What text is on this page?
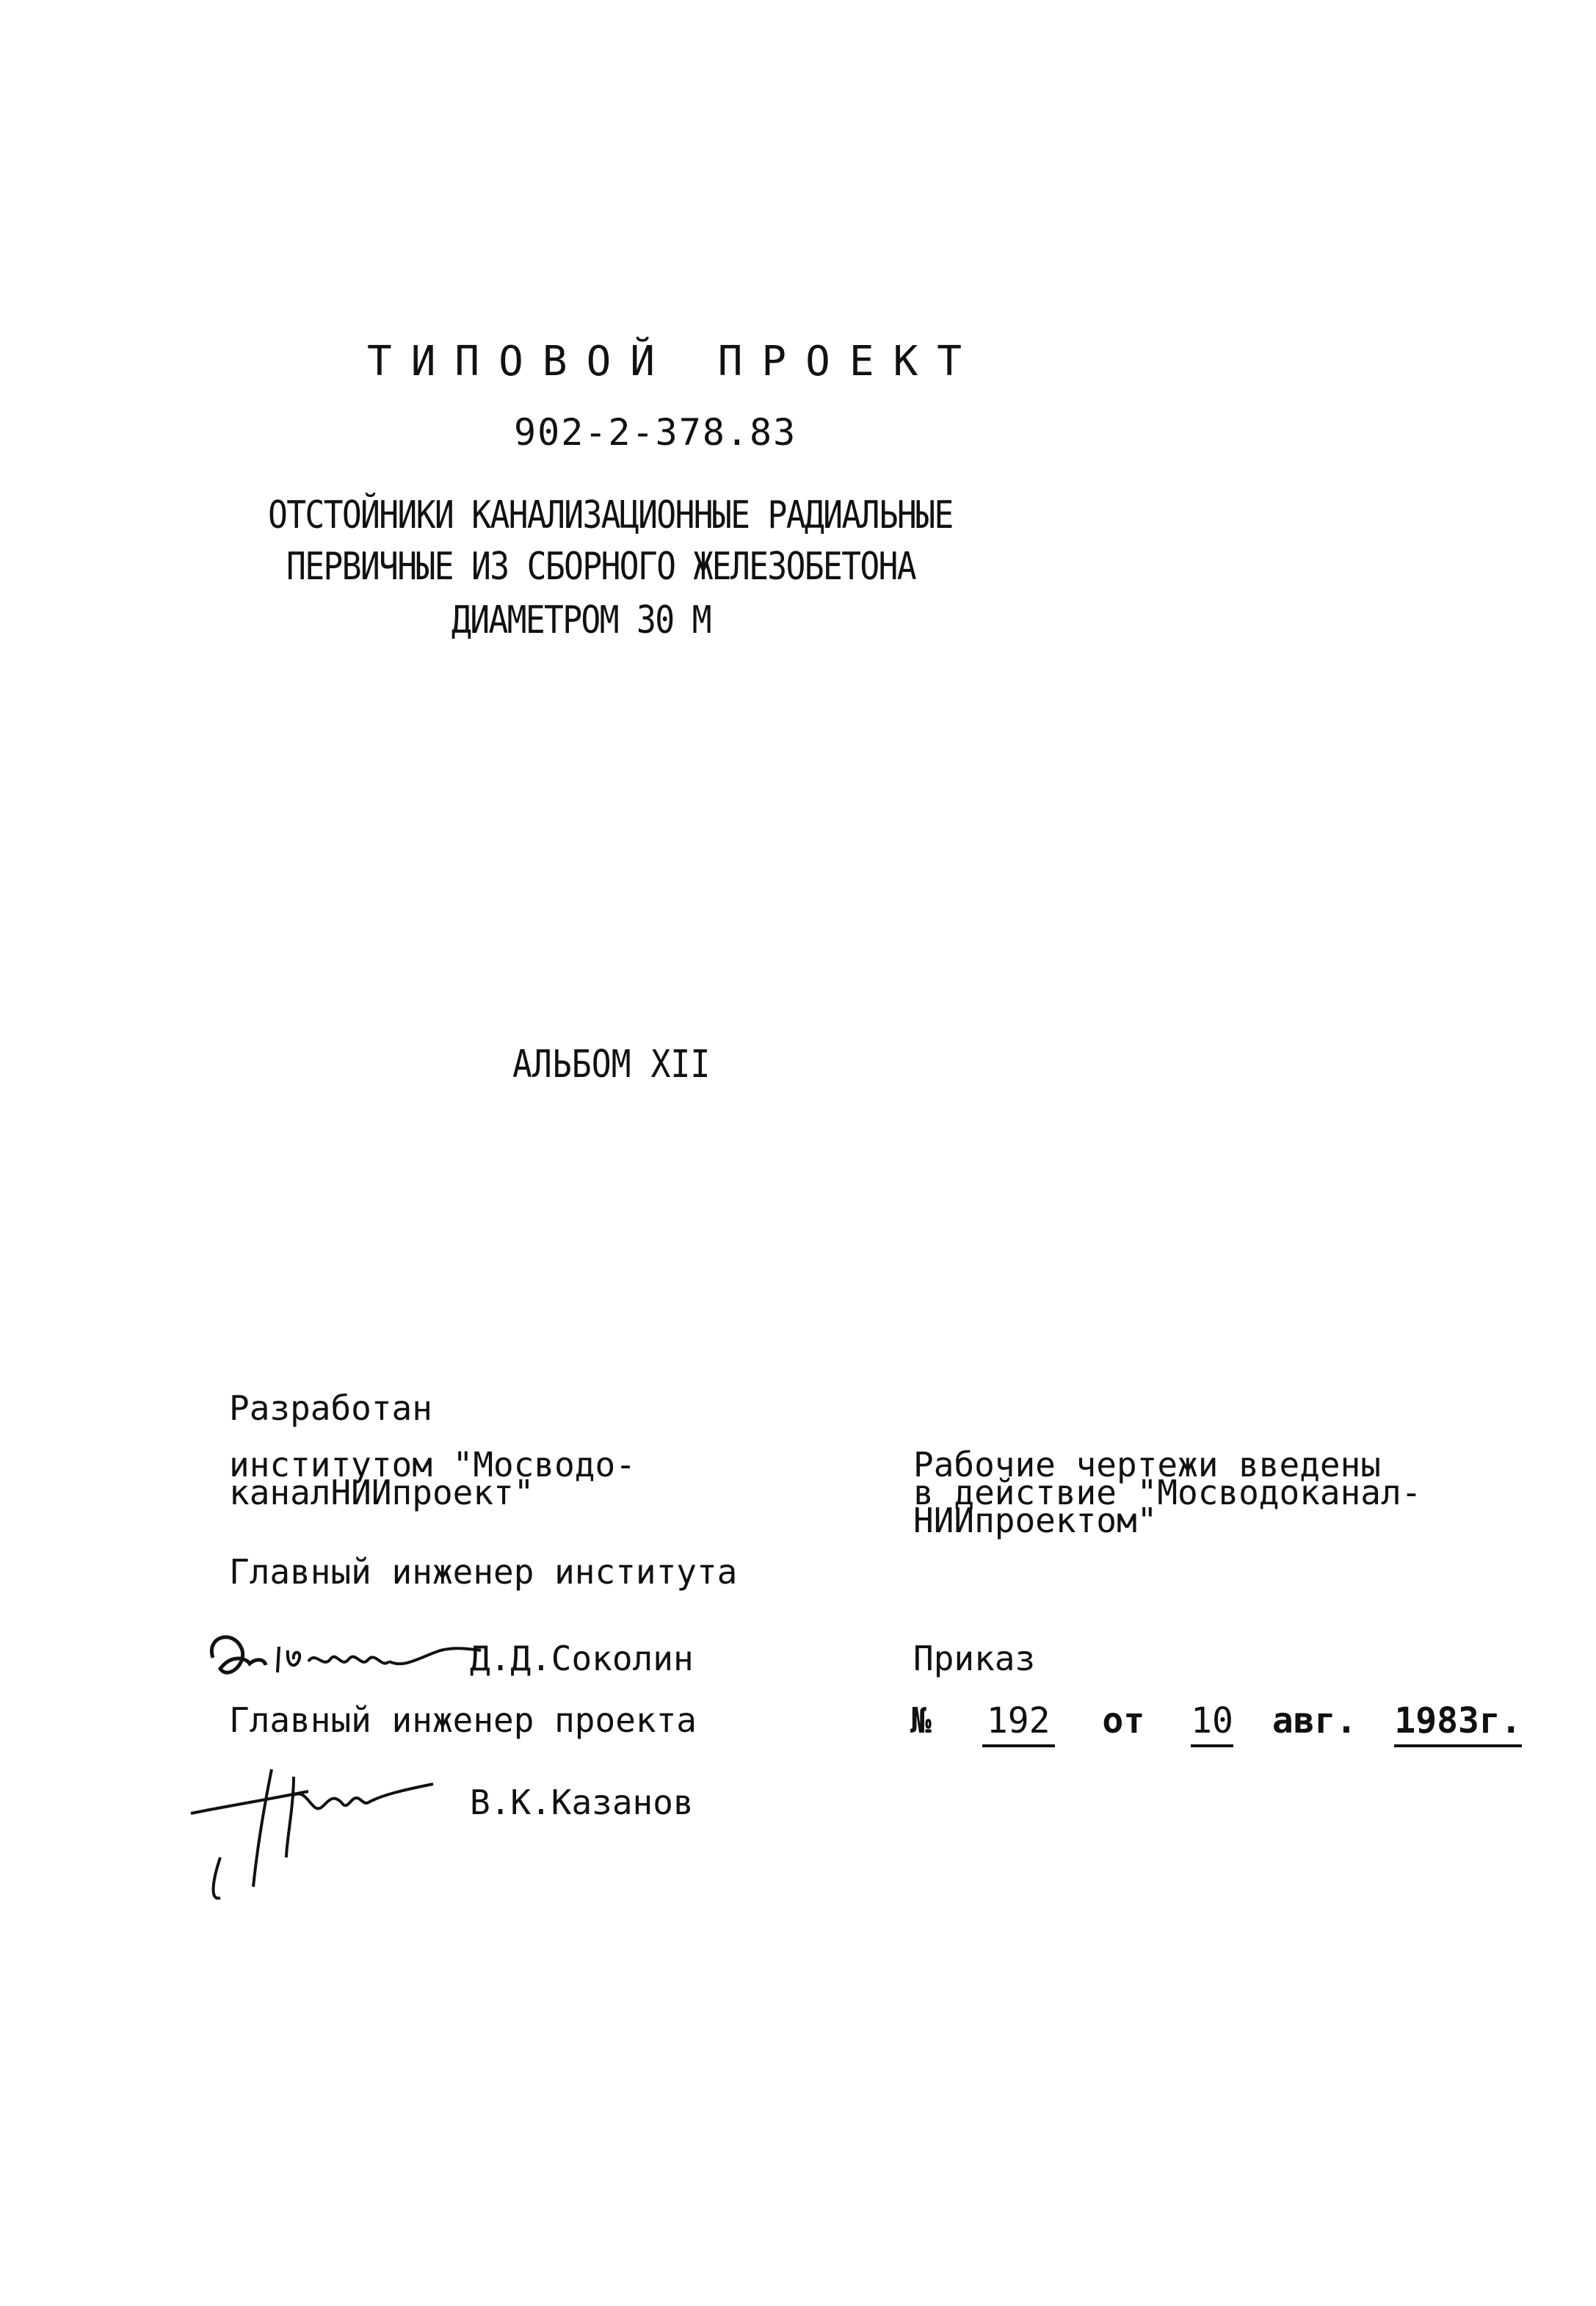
ТИПОВОЙ ПРОЕКТ
902-2-378.83
ОТСТОЙНИКИ КАНАЛИЗАЦИОННЫЕ РАДИАЛЬНЫЕ
ПЕРВИЧНЫЕ ИЗ СБОРНОГО ЖЕЛЕЗОБЕТОНА
ДИАМЕТРОМ 30 М
АЛЬБОМ XII
Разработан
институтом "Мосводо-
каналНИИпроект"
Главный инженер института
Д.Д.Соколин
Главный инженер проекта
В.К.Казанов
Рабочие чертежи введены
в действие "Мосводоканал-
НИИпроектом"
Приказ
№ 192 от 10 авг. 1983г.
